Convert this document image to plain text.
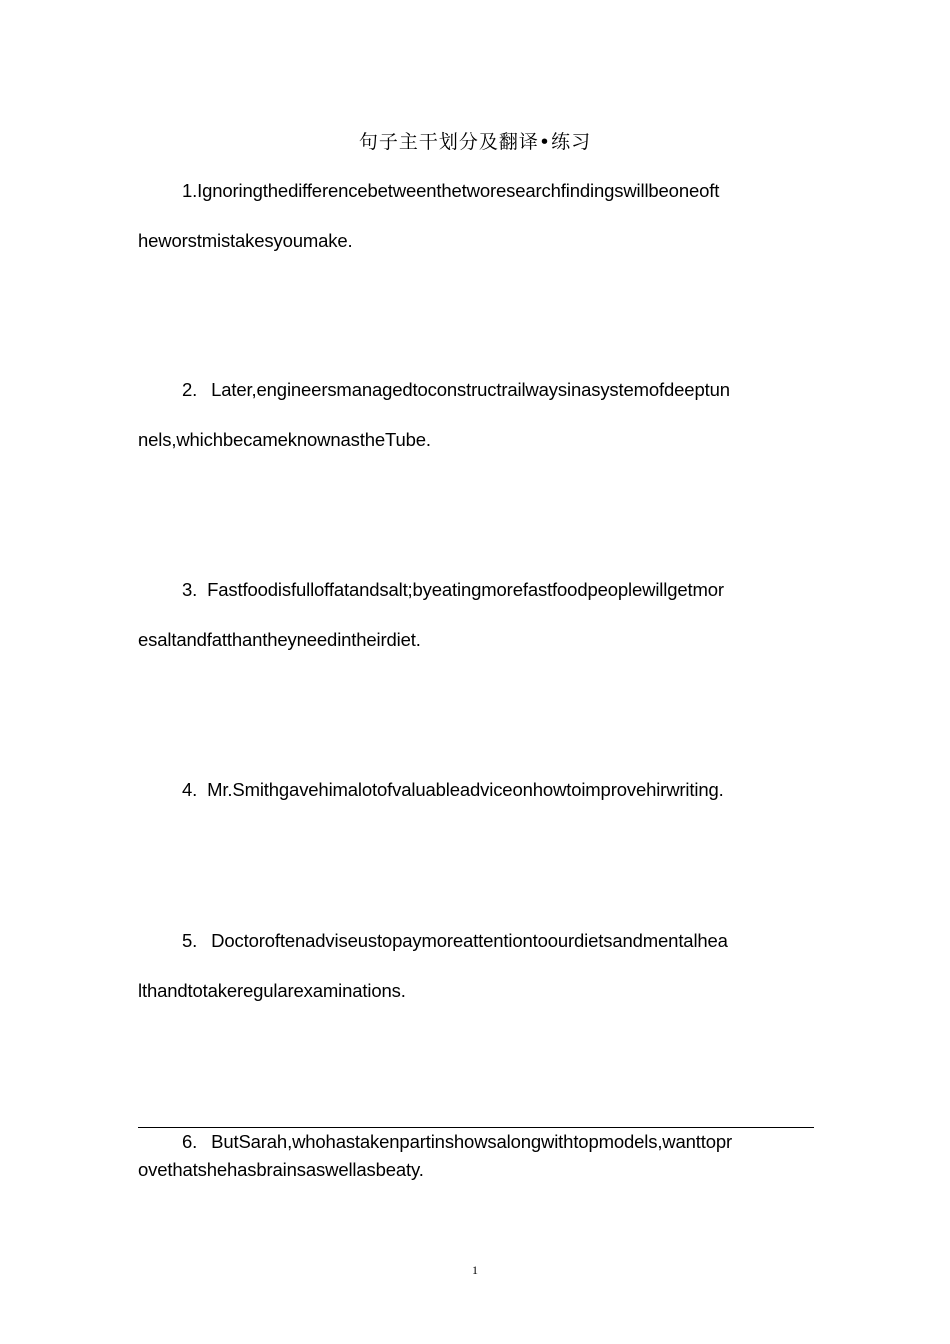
句子主干划分及翻译•练习
1.Ignoringthedifferencebetweenthetworesearchfindingswillbeoneoft
heworstmistakesyoumake.
2. Later,engineersmanagedtoconstructrailwaysinasystemofdeeptun
nels,whichbecameknownastheTube.
3. Fastfoodisfulloffatandsalt;byeatingmorefastfoodpeoplewillgetmor
esaltandfatthantheyneedintheirdiet.
4. Mr.Smithgavehimalotofvaluableadviceonhowtoimprovehirwriting.
5. Doctoroftenadviseustopaymoreattentiontoourdietsandmentalhea
lthandtotakeregularexaminations.
6. ButSarah,whohastakenpartinshowsalongwithtopmodels,wanttopr
ovethatshehasbrainsaswellasbeaty.
1
